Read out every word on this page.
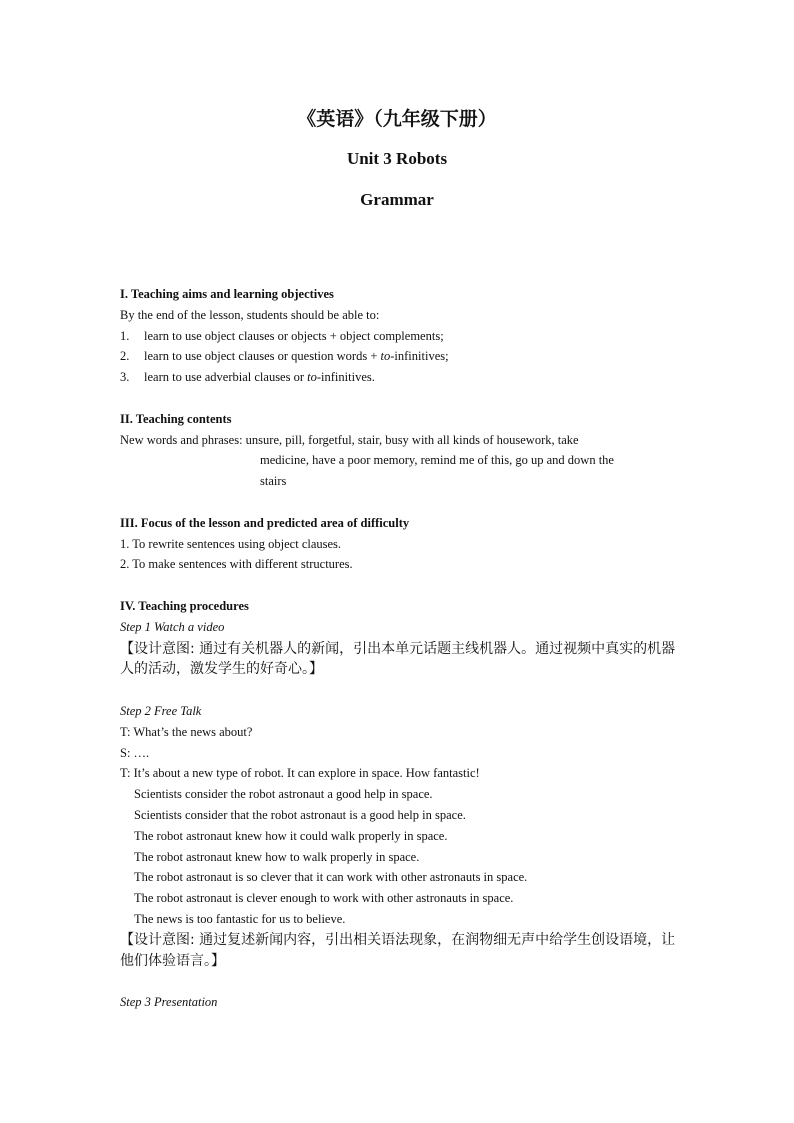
《英语》（九年级下册）
Unit 3 Robots
Grammar
I. Teaching aims and learning objectives
By the end of the lesson, students should be able to:
1. learn to use object clauses or objects + object complements;
2. learn to use object clauses or question words + to-infinitives;
3. learn to use adverbial clauses or to-infinitives.
II. Teaching contents
New words and phrases: unsure, pill, forgetful, stair, busy with all kinds of housework, take
medicine, have a poor memory, remind me of this, go up and down the
stairs
III. Focus of the lesson and predicted area of difficulty
1. To rewrite sentences using object clauses.
2. To make sentences with different structures.
IV. Teaching procedures
Step 1 Watch a video
【设计意图: 通过有关机器人的新闻，引出本单元话题主线机器人。通过视频中真实的机器人的活动，激发学生的好奇心。】
Step 2 Free Talk
T: What’s the news about?
S: ….
T: It’s about a new type of robot. It can explore in space. How fantastic!
Scientists consider the robot astronaut a good help in space.
Scientists consider that the robot astronaut is a good help in space.
The robot astronaut knew how it could walk properly in space.
The robot astronaut knew how to walk properly in space.
The robot astronaut is so clever that it can work with other astronauts in space.
The robot astronaut is clever enough to work with other astronauts in space.
The news is too fantastic for us to believe.
【设计意图: 通过复述新闻内容，引出相关语法现象，在润物细无声中给学生创设语境，让他们体验语言。】
Step 3 Presentation
